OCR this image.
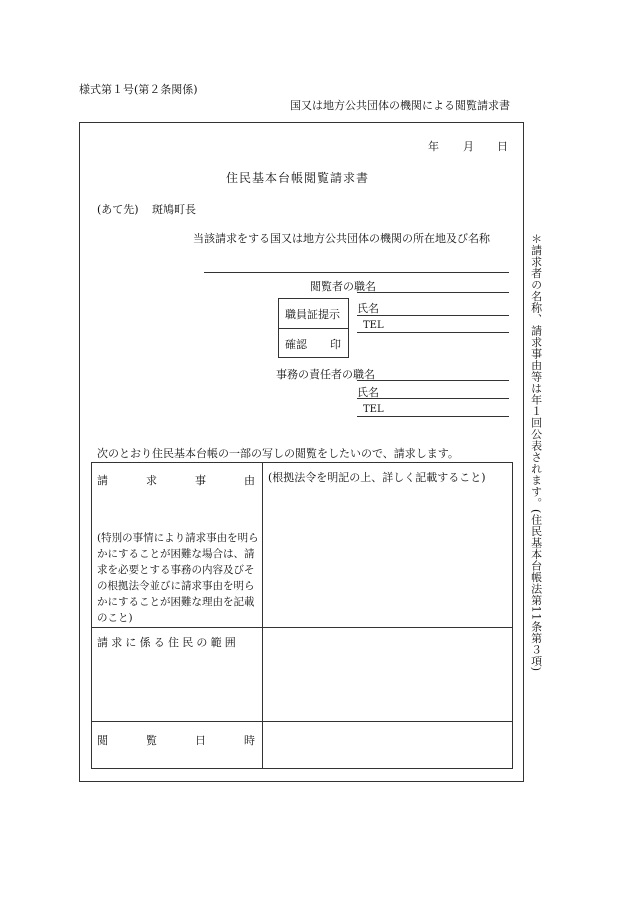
様式第１号(第２条関係)
国又は地方公共団体の機関による閲覧請求書
年 月 日
住民基本台帳閲覧請求書
(あて先) 斑鳩町長
当該請求をする国又は地方公共団体の機関の所在地及び名称
閲覧者の職名
職員証提示
確認 印
氏名
TEL
事務の責任者の職名
氏名
TEL
次のとおり住民基本台帳の一部の写しの閲覧をしたいので、請求します。
請	求	事	由 (根拠法令を明記の上、詳しく記載すること)
(特別の事情により請求事由を明らかにすることが困難な場合は、請求を必要とする事務の内容及びその根拠法令並びに請求事由を明らかにすることが困難な理由を記載のこと)
請求に係る住民の範囲
閲	覧	日	時
＊請求者の名称、請求事由等は年１回公表されます。(住民基本台帳法第11条第３項)
